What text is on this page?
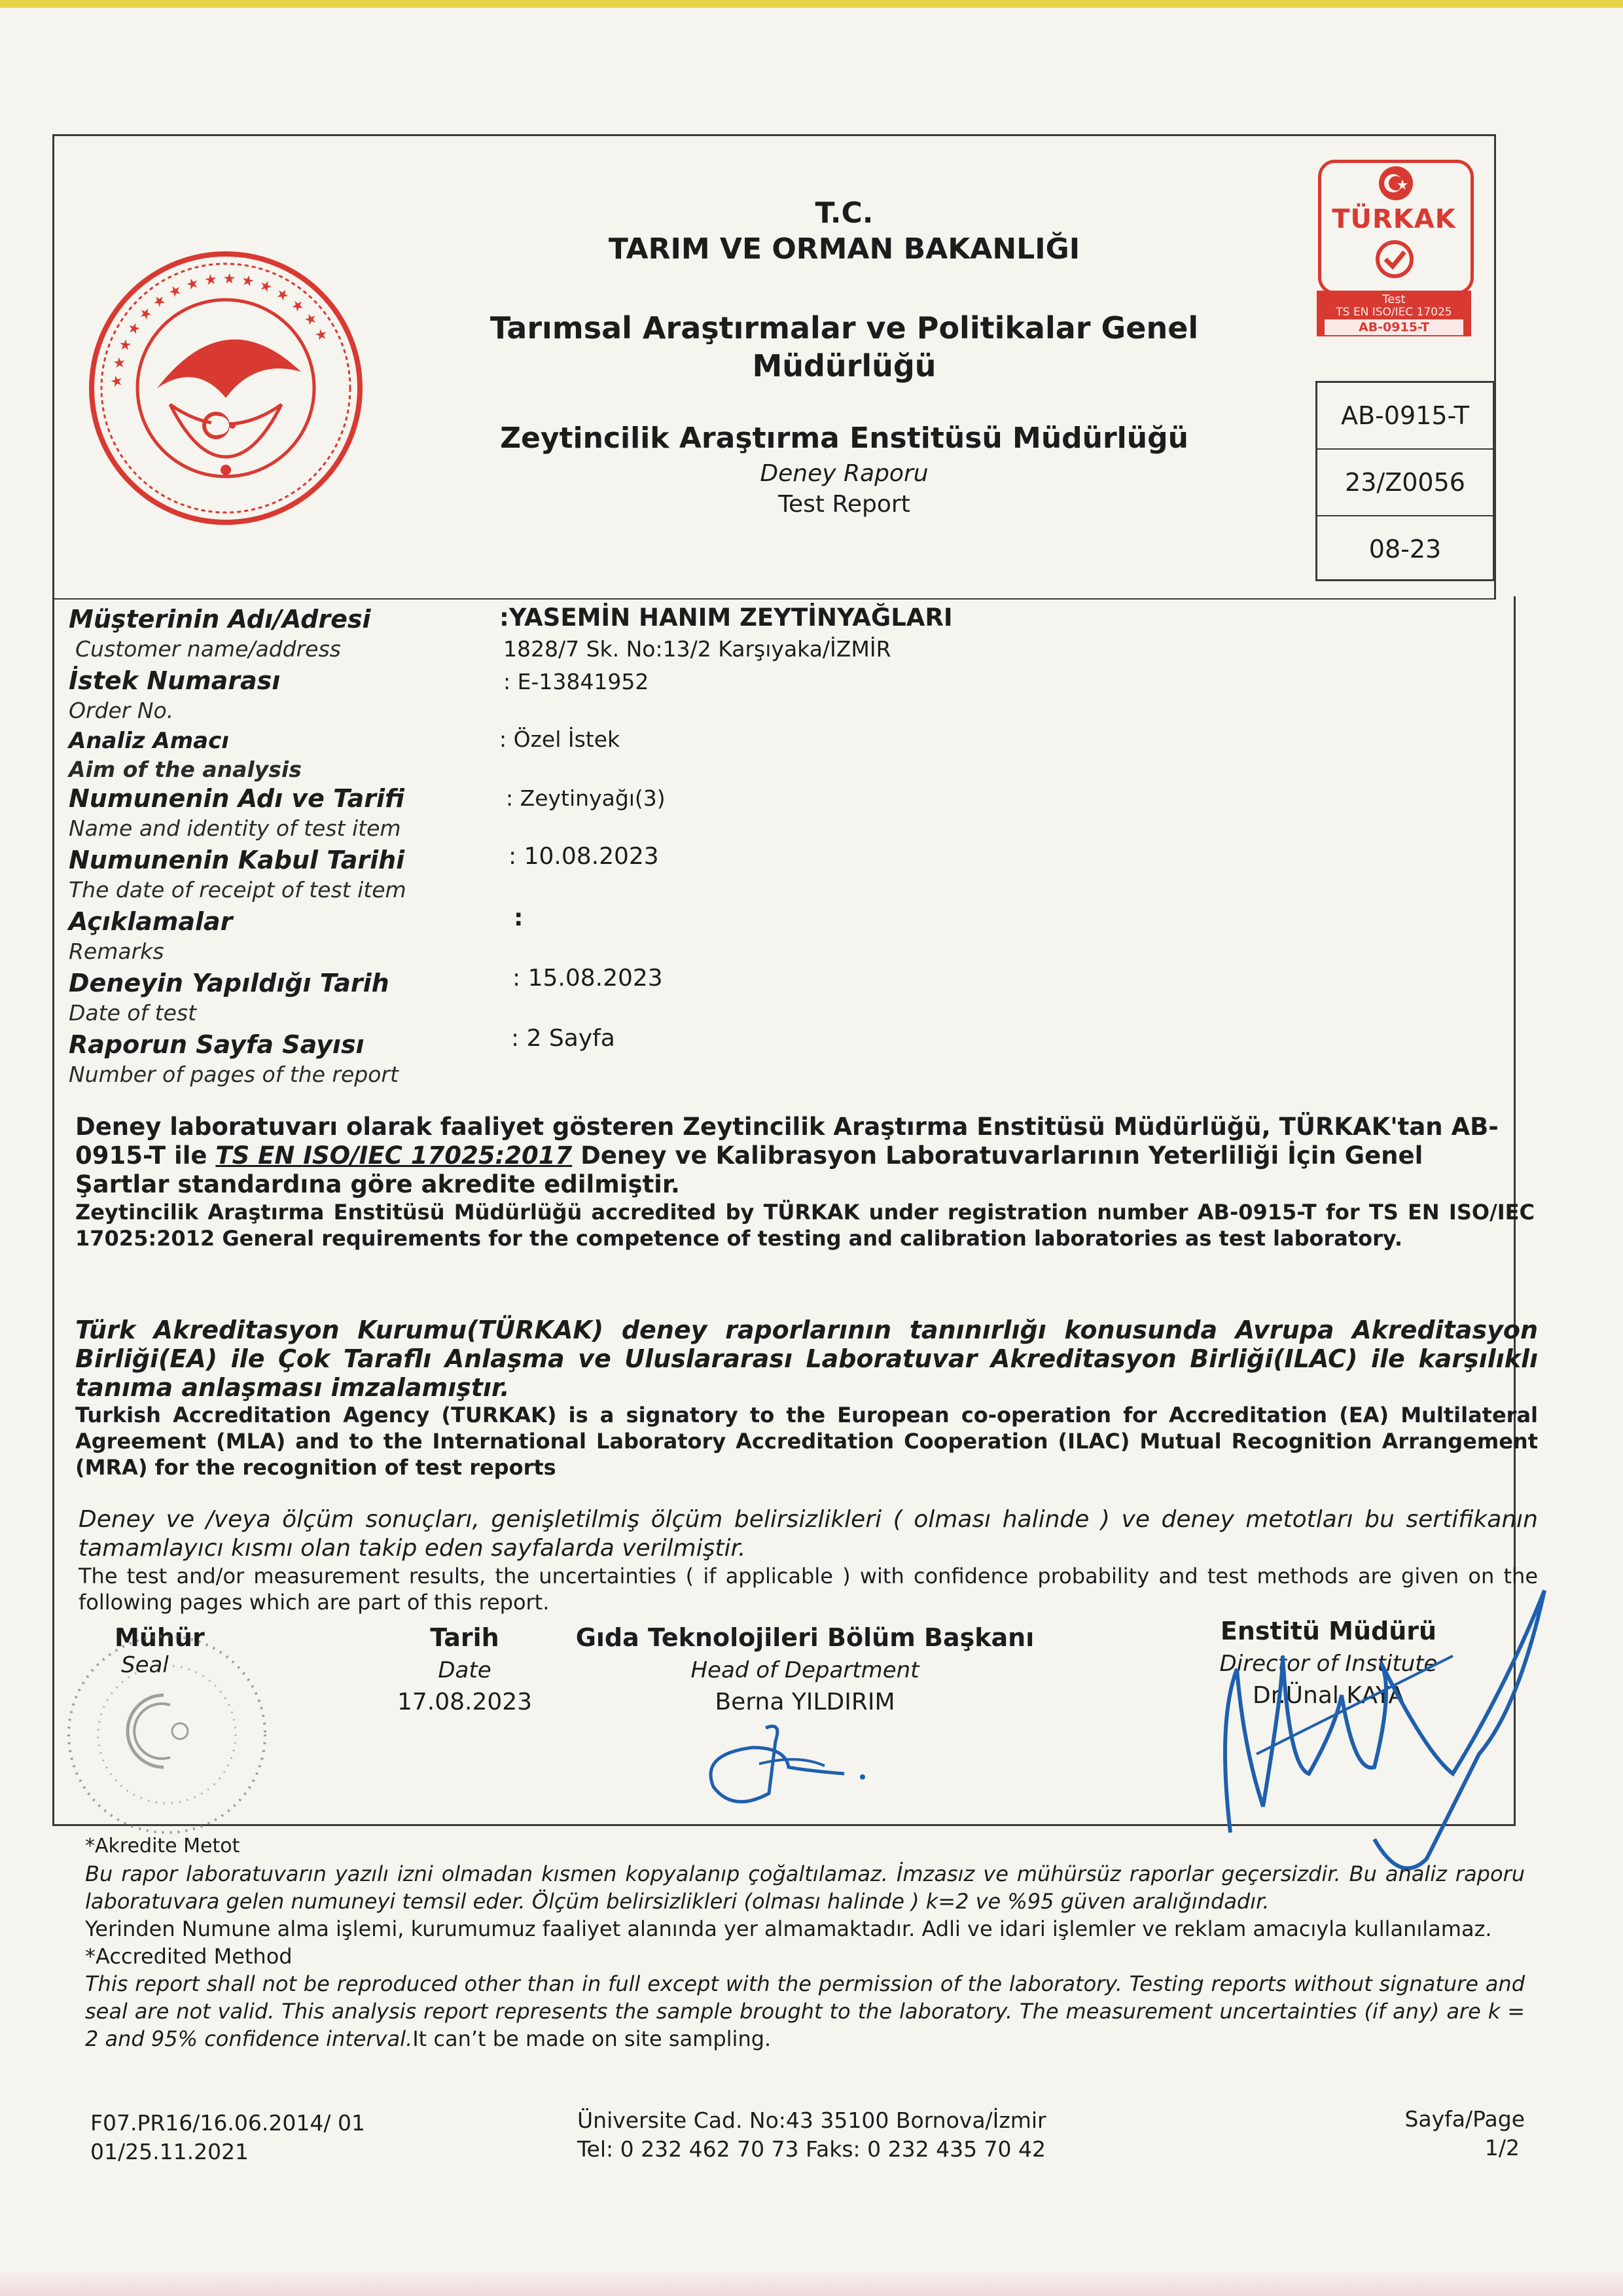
★ ★ ★ ★ ★ ★ ★ ★ ★ ★ ★ ★ ★ ★ ★ ★
TÜRKAK
Test
TS EN ISO/IEC 17025
AB-0915-T
T.C.
TARIM VE ORMAN BAKANLIĞI
Tarımsal Araştırmalar ve Politikalar Genel
Müdürlüğü
Zeytincilik Araştırma Enstitüsü Müdürlüğü
Deney Raporu
Test Report
AB-0915-T
23/Z0056
08-23
Müşterinin Adı/Adresi
Customer name/address
İstek Numarası
Order No.
Analiz Amacı
Aim of the analysis
Numunenin Adı ve Tarifi
Name and identity of test item
Numunenin Kabul Tarihi
The date of receipt of test item
Açıklamalar
Remarks
Deneyin Yapıldığı Tarih
Date of test
Raporun Sayfa Sayısı
Number of pages of the report
:YASEMİN HANIM ZEYTİNYAĞLARI
1828/7 Sk. No:13/2 Karşıyaka/İZMİR
: E-13841952
: Özel İstek
: Zeytinyağı(3)
: 10.08.2023
:
: 15.08.2023
: 2 Sayfa
Deney laboratuvarı olarak faaliyet gösteren Zeytincilik Araştırma Enstitüsü Müdürlüğü, TÜRKAK'tan AB-
0915-T ile TS EN ISO/IEC 17025:2017 Deney ve Kalibrasyon Laboratuvarlarının Yeterliliği İçin Genel
Şartlar standardına göre akredite edilmiştir.
Zeytincilik Araştırma Enstitüsü Müdürlüğü accredited by TÜRKAK under registration number AB-0915-T for TS EN ISO/IEC 17025:2012 General requirements for the competence of testing and calibration laboratories as test laboratory.
Türk Akreditasyon Kurumu(TÜRKAK) deney raporlarının tanınırlığı konusunda Avrupa Akreditasyon Birliği(EA) ile Çok Taraflı Anlaşma ve Uluslararası Laboratuvar Akreditasyon Birliği(ILAC) ile karşılıklı tanıma anlaşması imzalamıştır.
Turkish Accreditation Agency (TURKAK) is a signatory to the European co-operation for Accreditation (EA) Multilateral Agreement (MLA) and to the International Laboratory Accreditation Cooperation (ILAC) Mutual Recognition Arrangement (MRA) for the recognition of test reports
Deney ve /veya ölçüm sonuçları, genişletilmiş ölçüm belirsizlikleri ( olması halinde ) ve deney metotları bu sertifikanın tamamlayıcı kısmı olan takip eden sayfalarda verilmiştir.
The test and/or measurement results, the uncertainties ( if applicable ) with confidence probability and test methods are given on the following pages which are part of this report.
Mühür
Seal
Tarih
Date
17.08.2023
Gıda Teknolojileri Bölüm Başkanı
Head of Department
Berna YILDIRIM
Enstitü Müdürü
Director of Institute
Dr.Ünal KAYA
*Akredite Metot
Bu rapor laboratuvarın yazılı izni olmadan kısmen kopyalanıp çoğaltılamaz. İmzasız ve mühürsüz raporlar geçersizdir. Bu analiz raporu laboratuvara gelen numuneyi temsil eder. Ölçüm belirsizlikleri (olması halinde ) k=2 ve %95 güven aralığındadır.
Yerinden Numune alma işlemi, kurumumuz faaliyet alanında yer almamaktadır. Adli ve idari işlemler ve reklam amacıyla kullanılamaz.
*Accredited Method
This report shall not be reproduced other than in full except with the permission of the laboratory. Testing reports without signature and seal are not valid. This analysis report represents the sample brought to the laboratory. The measurement uncertainties (if any) are k = 2 and 95% confidence interval.It can’t be made on site sampling.
F07.PR16/16.06.2014/ 01
01/25.11.2021
Üniversite Cad. No:43 35100 Bornova/İzmir
Tel: 0 232 462 70 73 Faks: 0 232 435 70 42
Sayfa/Page
1/2
